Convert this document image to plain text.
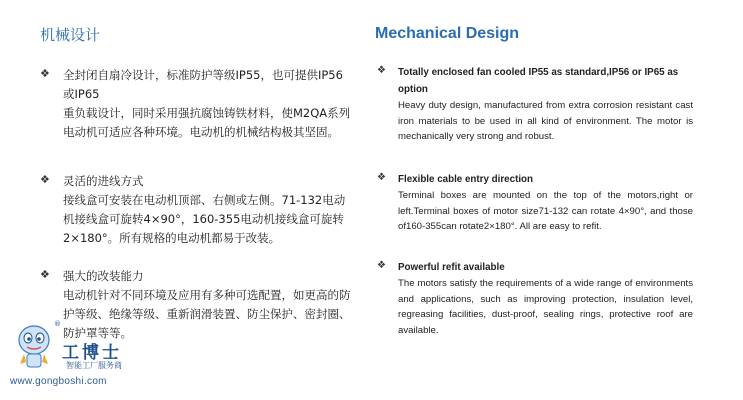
机械设计
❖ 全封闭自扇冷设计，标准防护等级IP55，也可提供IP56或IP65
重负载设计，同时采用强抗腐蚀铸铁材料，使M2QA系列电动机可适应各种环境。电动机的机械结构极其坚固。
❖ 灵活的进线方式
接线盒可安装在电动机顶部、右侧或左侧。71-132电动机接线盒可旋转4×90°，160-355电动机接线盒可旋转2×180°。所有规格的电动机都易于改装。
❖ 强大的改装能力
电动机针对不同环境及应用有多种可选配置，如更高的防护等级、绝缘等级、重新润滑装置、防尘保护、密封圈、防护罩等等。
Mechanical Design
❖ Totally enclosed fan cooled IP55 as standard,IP56 or IP65 as option
Heavy duty design, manufactured from extra corrosion resistant cast iron materials to be used in all kind of environment. The motor is mechanically very strong and robust.
❖ Flexible cable entry direction
Terminal boxes are mounted on the top of the motors,right or left.Terminal boxes of motor size71-132 can rotate 4×90°, and those of160-355can rotate2×180°. All are easy to refit.
❖ Powerful refit available
The motors satisfy the requirements of a wide range of environments and applications, such as improving protection, insulation level, regreasing facilities, dust-proof, sealing rings, protective roof are available.
®
工博士
智能工厂服务商
www.gongboshi.com
